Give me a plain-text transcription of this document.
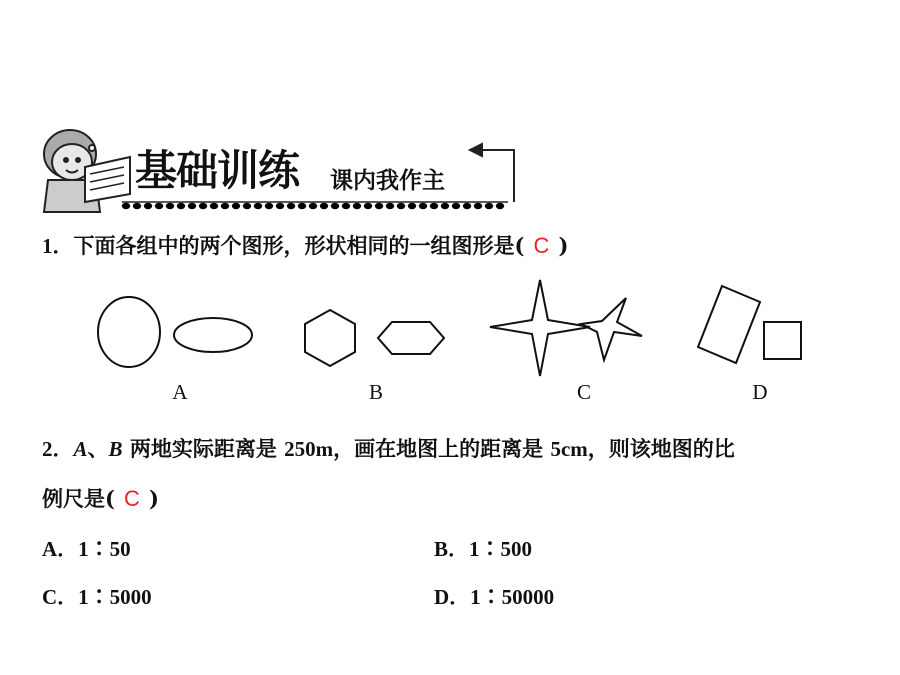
基础训练 课内我作主
1．下面各组中的两个图形，形状相同的一组图形是( C )
A	B	C	D
2．A、B 两地实际距离是 250m，画在地图上的距离是 5cm，则该地图的比
例尺是( C )
A．1∶50	B．1∶500
C．1∶5000	D．1∶50000
